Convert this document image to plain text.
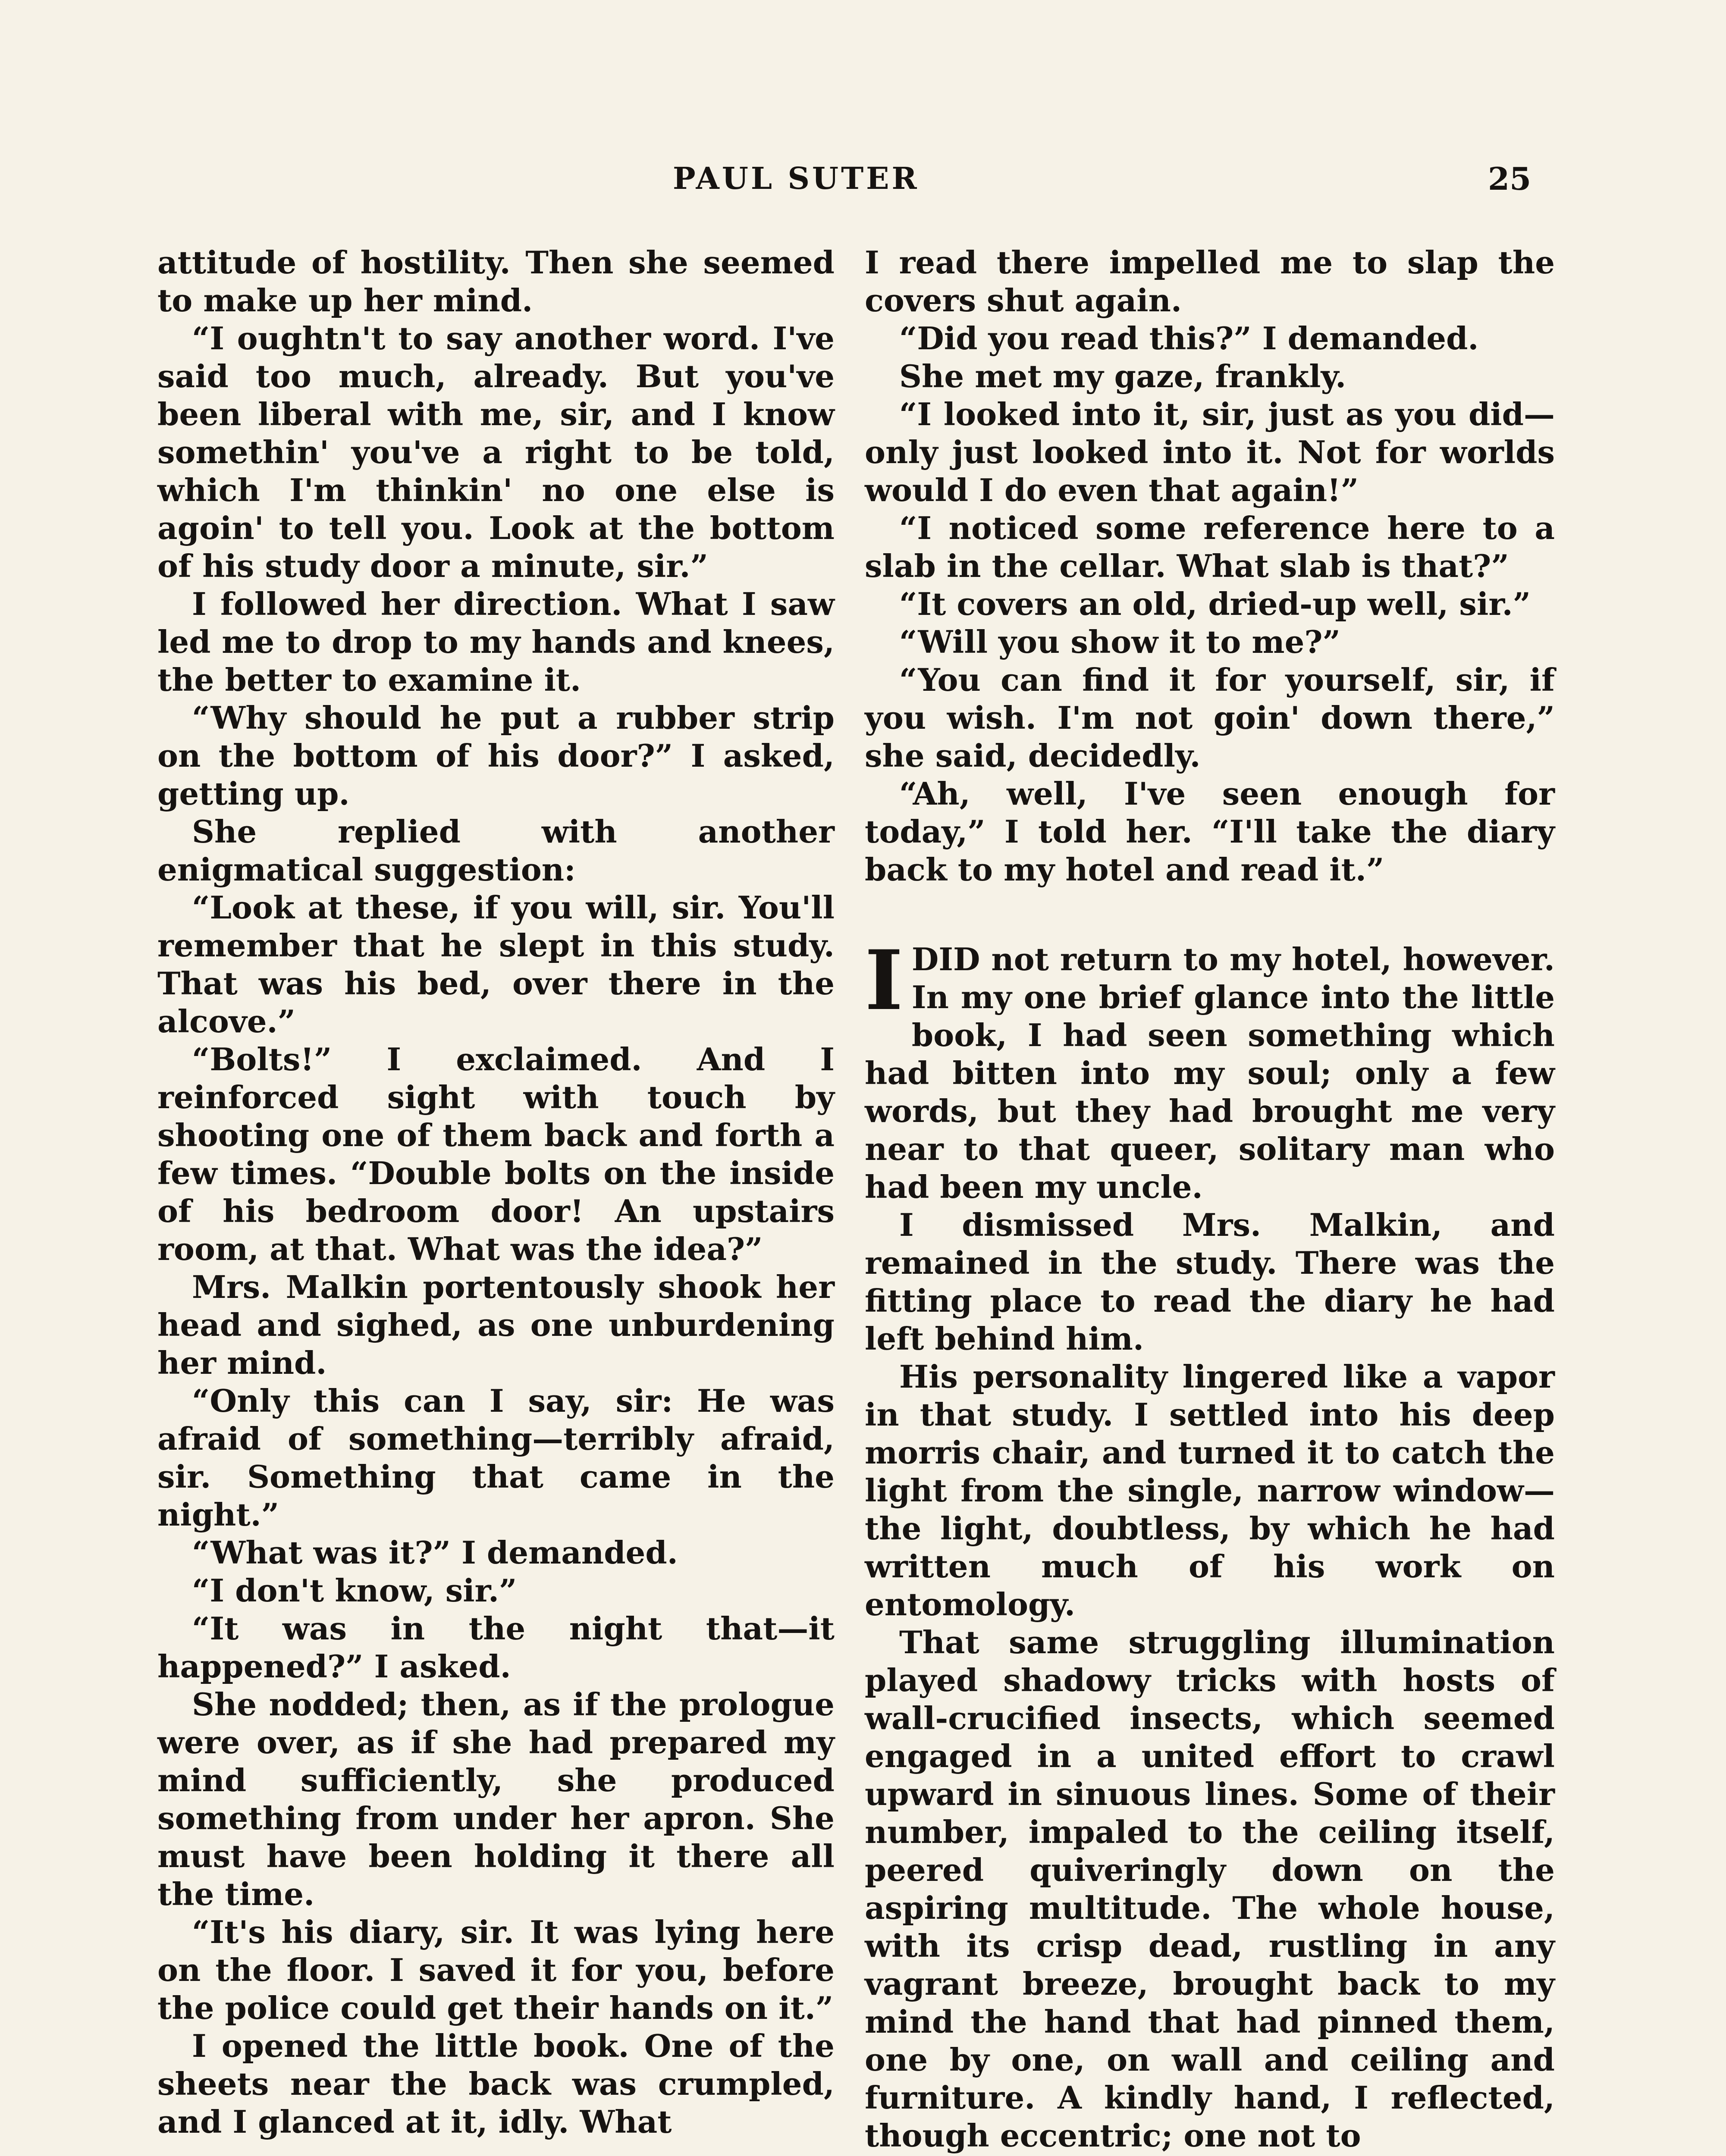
PAUL SUTER	25

attitude of hostility. Then she seemed to make up her mind.

“I oughtn't to say another word. I've said too much, already. But you've been liberal with me, sir, and I know somethin' you've a right to be told, which I'm thinkin' no one else is agoin' to tell you. Look at the bottom of his study door a minute, sir.”

I followed her direction. What I saw led me to drop to my hands and knees, the better to examine it.

“Why should he put a rubber strip on the bottom of his door?” I asked, getting up.

She replied with another enigmatical suggestion:

“Look at these, if you will, sir. You'll remember that he slept in this study. That was his bed, over there in the alcove.”

“Bolts!” I exclaimed. And I reinforced sight with touch by shooting one of them back and forth a few times. “Double bolts on the inside of his bedroom door! An upstairs room, at that. What was the idea?”

Mrs. Malkin portentously shook her head and sighed, as one unburdening her mind.

“Only this can I say, sir: He was afraid of something—terribly afraid, sir. Something that came in the night.”

“What was it?” I demanded.

“I don't know, sir.”

“It was in the night that—it happened?” I asked.

She nodded; then, as if the prologue were over, as if she had prepared my mind sufficiently, she produced something from under her apron. She must have been holding it there all the time.

“It's his diary, sir. It was lying here on the floor. I saved it for you, before the police could get their hands on it.”

I opened the little book. One of the sheets near the back was crumpled, and I glanced at it, idly. What

I read there impelled me to slap the covers shut again.

“Did you read this?” I demanded.

She met my gaze, frankly.

“I looked into it, sir, just as you did—only just looked into it. Not for worlds would I do even that again!”

“I noticed some reference here to a slab in the cellar. What slab is that?”

“It covers an old, dried-up well, sir.”

“Will you show it to me?”

“You can find it for yourself, sir, if you wish. I'm not goin' down there,” she said, decidedly.

“Ah, well, I've seen enough for today,” I told her. “I'll take the diary back to my hotel and read it.”

IDID not return to my hotel, however. In my one brief glance into the little book, I had seen something which had bitten into my soul; only a few words, but they had brought me very near to that queer, solitary man who had been my uncle.

I dismissed Mrs. Malkin, and remained in the study. There was the fitting place to read the diary he had left behind him.

His personality lingered like a vapor in that study. I settled into his deep morris chair, and turned it to catch the light from the single, narrow window—the light, doubtless, by which he had written much of his work on entomology.

That same struggling illumination played shadowy tricks with hosts of wall-crucified insects, which seemed engaged in a united effort to crawl upward in sinuous lines. Some of their number, impaled to the ceiling itself, peered quiveringly down on the aspiring multitude. The whole house, with its crisp dead, rustling in any vagrant breeze, brought back to my mind the hand that had pinned them, one by one, on wall and ceiling and furniture. A kindly hand, I reflected, though eccentric; one not to
